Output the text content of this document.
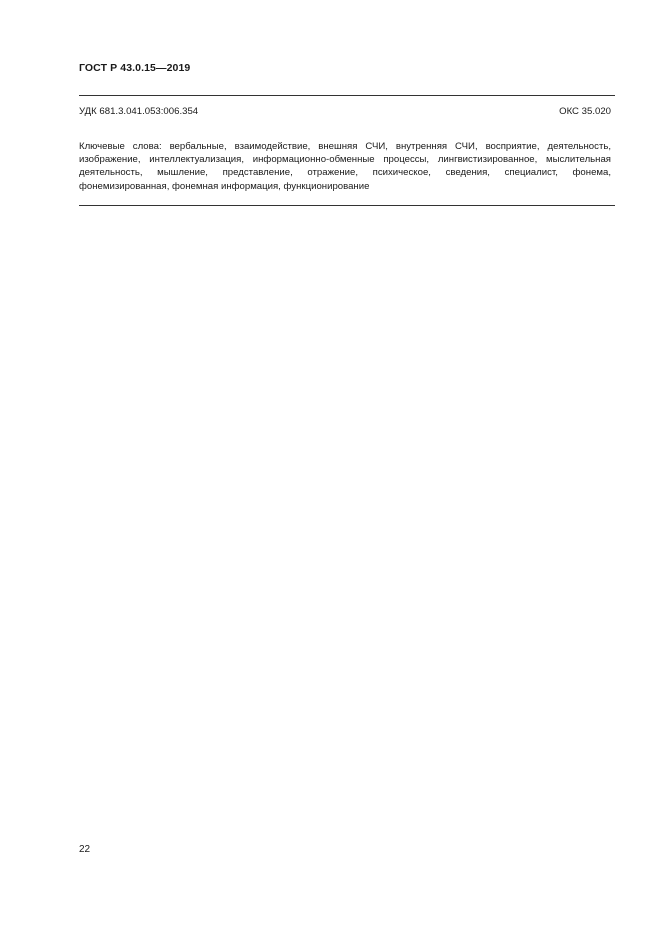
ГОСТ Р 43.0.15—2019
УДК 681.3.041.053:006.354	ОКС 35.020
Ключевые слова: вербальные, взаимодействие, внешняя СЧИ, внутренняя СЧИ, восприятие, деятельность, изображение, интеллектуализация, информационно-обменные процессы, лингвистизированное, мыслительная деятельность, мышление, представление, отражение, психическое, сведения, специалист, фонема, фонемизированная, фонемная информация, функционирование
22
